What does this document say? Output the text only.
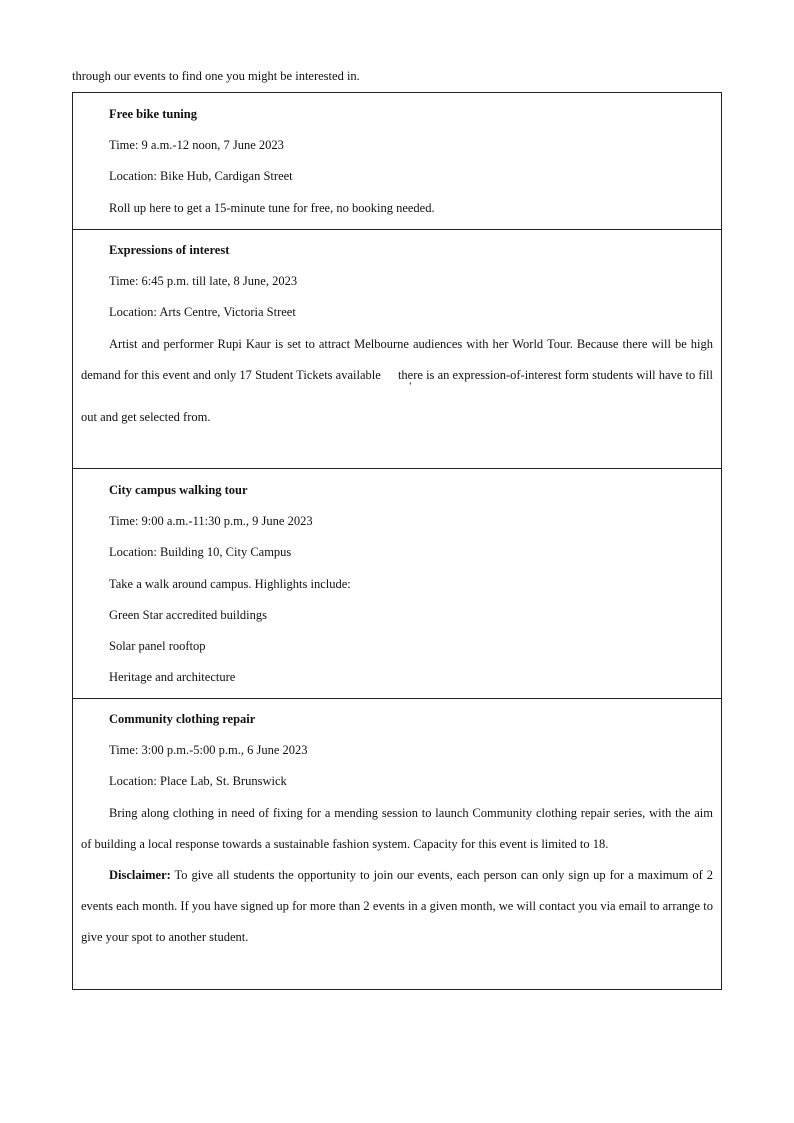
through our events to find one you might be interested in.
Free bike tuning
Time: 9 a.m.-12 noon, 7 June 2023
Location: Bike Hub, Cardigan Street
Roll up here to get a 15-minute tune for free, no booking needed.
Expressions of interest
Time: 6:45 p.m. till late, 8 June, 2023
Location: Arts Centre, Victoria Street

Artist and performer Rupi Kaur is set to attract Melbourne audiences with her World Tour. Because there will be high demand for this event and only 17 Student Tickets availableʻ there is an expression-of-interest form students will have to fill out and get selected from.

City campus walking tour
Time: 9:00 a.m.-11:30 p.m., 9 June 2023
Location: Building 10, City Campus
Take a walk around campus. Highlights include:
Green Star accredited buildings
Solar panel rooftop
Heritage and architecture
Community clothing repair
Time: 3:00 p.m.-5:00 p.m., 6 June 2023
Location: Place Lab, St. Brunswick

Bring along clothing in need of fixing for a mending session to launch Community clothing repair series, with the aim of building a local response towards a sustainable fashion system. Capacity for this event is limited to 18.

Disclaimer: To give all students the opportunity to join our events, each person can only sign up for a maximum of 2 events each month. If you have signed up for more than 2 events in a given month, we will contact you via email to arrange to give your spot to another student.
